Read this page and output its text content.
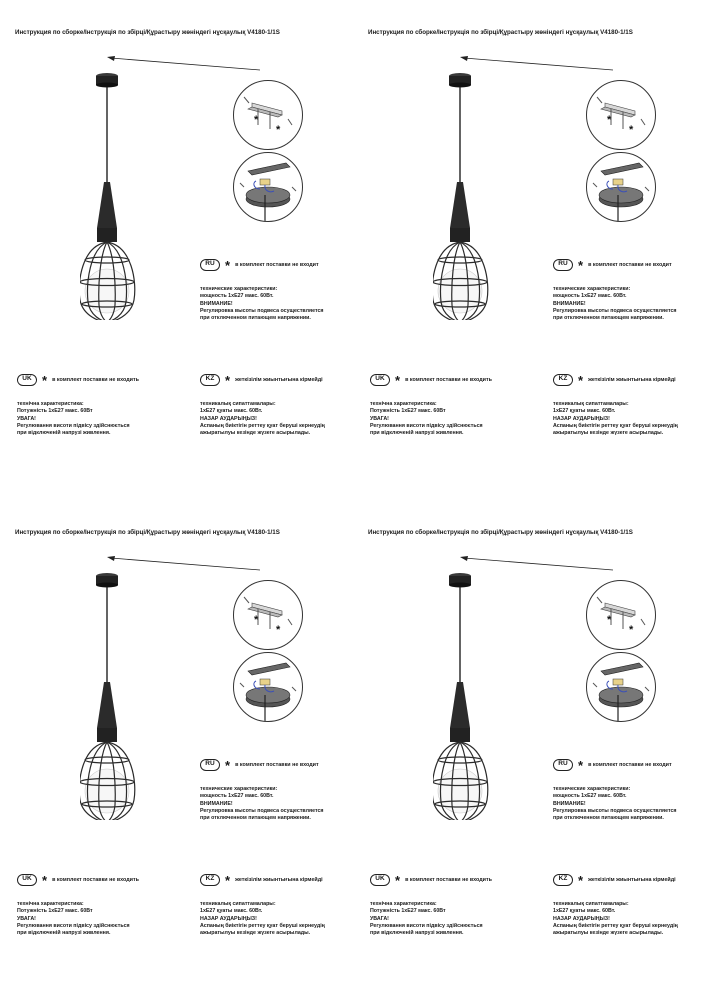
Инструкция по сборке/Інструкція по збірці/Құрастыру жөніндегі нұсқаулық V4180-1/1S
*
*
RU * в комплект поставки не входит
технические характеристики:
мощность 1хЕ27 макс. 60Вт.
ВНИМАНИЕ!
Регулировка высоты подвеса осуществляется
при отключенном питающем напряжении.
UK * в комплект поставки не входить
технічна характеристика:
Потужність 1хЕ27 макс. 60Вт
УВАГА!
Регулювання висоти підвісу здійснюється
при відключеній напрузі живлення.
KZ * жеткізілім жиынтығына кірмейді
техникалық сипаттамалары:
1хЕ27 қуаты макс. 60Вт.
НАЗАР АУДАРЫҢЫЗ!
Аспаның биіктігін реттеу қуат беруші кернеудің
ажыратылуы кезінде жүзеге асырылады.
Инструкция по сборке/Інструкція по збірці/Құрастыру жөніндегі нұсқаулық V4180-1/1S
*
*
RU * в комплект поставки не входит
технические характеристики:
мощность 1хЕ27 макс. 60Вт.
ВНИМАНИЕ!
Регулировка высоты подвеса осуществляется
при отключенном питающем напряжении.
UK * в комплект поставки не входить
технічна характеристика:
Потужність 1хЕ27 макс. 60Вт
УВАГА!
Регулювання висоти підвісу здійснюється
при відключеній напрузі живлення.
KZ * жеткізілім жиынтығына кірмейді
техникалық сипаттамалары:
1хЕ27 қуаты макс. 60Вт.
НАЗАР АУДАРЫҢЫЗ!
Аспаның биіктігін реттеу қуат беруші кернеудің
ажыратылуы кезінде жүзеге асырылады.
Инструкция по сборке/Інструкція по збірці/Құрастыру жөніндегі нұсқаулық V4180-1/1S
*
*
RU * в комплект поставки не входит
технические характеристики:
мощность 1хЕ27 макс. 60Вт.
ВНИМАНИЕ!
Регулировка высоты подвеса осуществляется
при отключенном питающем напряжении.
UK * в комплект поставки не входить
технічна характеристика:
Потужність 1хЕ27 макс. 60Вт
УВАГА!
Регулювання висоти підвісу здійснюється
при відключеній напрузі живлення.
KZ * жеткізілім жиынтығына кірмейді
техникалық сипаттамалары:
1хЕ27 қуаты макс. 60Вт.
НАЗАР АУДАРЫҢЫЗ!
Аспаның биіктігін реттеу қуат беруші кернеудің
ажыратылуы кезінде жүзеге асырылады.
Инструкция по сборке/Інструкція по збірці/Құрастыру жөніндегі нұсқаулық V4180-1/1S
*
*
RU * в комплект поставки не входит
технические характеристики:
мощность 1хЕ27 макс. 60Вт.
ВНИМАНИЕ!
Регулировка высоты подвеса осуществляется
при отключенном питающем напряжении.
UK * в комплект поставки не входить
технічна характеристика:
Потужність 1хЕ27 макс. 60Вт
УВАГА!
Регулювання висоти підвісу здійснюється
при відключеній напрузі живлення.
KZ * жеткізілім жиынтығына кірмейді
техникалық сипаттамалары:
1хЕ27 қуаты макс. 60Вт.
НАЗАР АУДАРЫҢЫЗ!
Аспаның биіктігін реттеу қуат беруші кернеудің
ажыратылуы кезінде жүзеге асырылады.
